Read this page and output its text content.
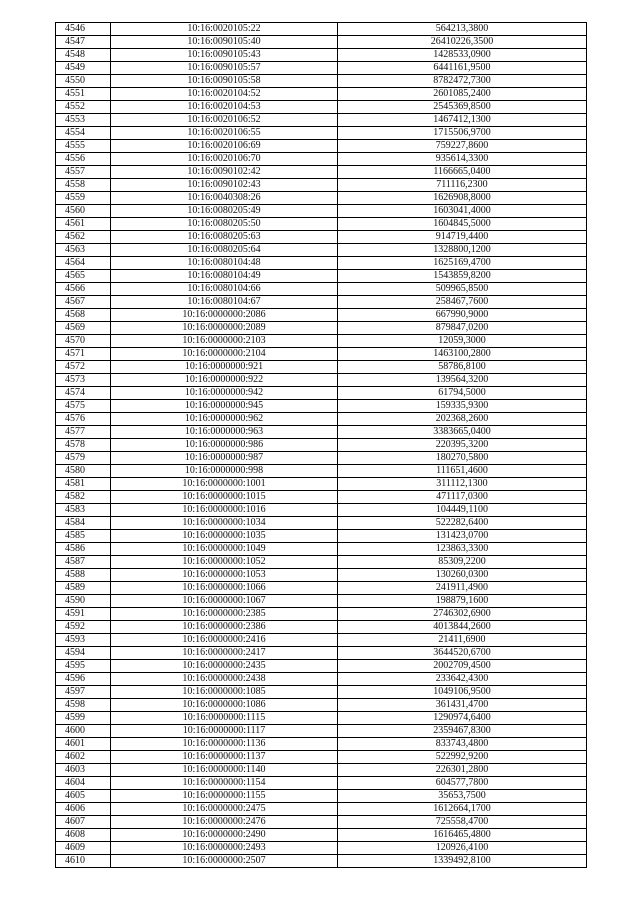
4546	10:16:0020105:22	564213,3800
4547	10:16:0090105:40	26410226,3500
4548	10:16:0090105:43	1428533,0900
4549	10:16:0090105:57	6441161,9500
4550	10:16:0090105:58	8782472,7300
4551	10:16:0020104:52	2601085,2400
4552	10:16:0020104:53	2545369,8500
4553	10:16:0020106:52	1467412,1300
4554	10:16:0020106:55	1715506,9700
4555	10:16:0020106:69	759227,8600
4556	10:16:0020106:70	935614,3300
4557	10:16:0090102:42	1166665,0400
4558	10:16:0090102:43	711116,2300
4559	10:16:0040308:26	1626908,8000
4560	10:16:0080205:49	1603041,4000
4561	10:16:0080205:50	1604845,5000
4562	10:16:0080205:63	914719,4400
4563	10:16:0080205:64	1328800,1200
4564	10:16:0080104:48	1625169,4700
4565	10:16:0080104:49	1543859,8200
4566	10:16:0080104:66	509965,8500
4567	10:16:0080104:67	258467,7600
4568	10:16:0000000:2086	667990,9000
4569	10:16:0000000:2089	879847,0200
4570	10:16:0000000:2103	12059,3000
4571	10:16:0000000:2104	1463100,2800
4572	10:16:0000000:921	58786,8100
4573	10:16:0000000:922	139564,3200
4574	10:16:0000000:942	61794,5000
4575	10:16:0000000:945	159335,9300
4576	10:16:0000000:962	202368,2600
4577	10:16:0000000:963	3383665,0400
4578	10:16:0000000:986	220395,3200
4579	10:16:0000000:987	180270,5800
4580	10:16:0000000:998	111651,4600
4581	10:16:0000000:1001	311112,1300
4582	10:16:0000000:1015	471117,0300
4583	10:16:0000000:1016	104449,1100
4584	10:16:0000000:1034	522282,6400
4585	10:16:0000000:1035	131423,0700
4586	10:16:0000000:1049	123863,3300
4587	10:16:0000000:1052	85309,2200
4588	10:16:0000000:1053	130260,0300
4589	10:16:0000000:1066	241911,4900
4590	10:16:0000000:1067	198879,1600
4591	10:16:0000000:2385	2746302,6900
4592	10:16:0000000:2386	4013844,2600
4593	10:16:0000000:2416	21411,6900
4594	10:16:0000000:2417	3644520,6700
4595	10:16:0000000:2435	2002709,4500
4596	10:16:0000000:2438	233642,4300
4597	10:16:0000000:1085	1049106,9500
4598	10:16:0000000:1086	361431,4700
4599	10:16:0000000:1115	1290974,6400
4600	10:16:0000000:1117	2359467,8300
4601	10:16:0000000:1136	833743,4800
4602	10:16:0000000:1137	522992,9200
4603	10:16:0000000:1140	226301,2800
4604	10:16:0000000:1154	604577,7800
4605	10:16:0000000:1155	35653,7500
4606	10:16:0000000:2475	1612664,1700
4607	10:16:0000000:2476	725558,4700
4608	10:16:0000000:2490	1616465,4800
4609	10:16:0000000:2493	120926,4100
4610	10:16:0000000:2507	1339492,8100
